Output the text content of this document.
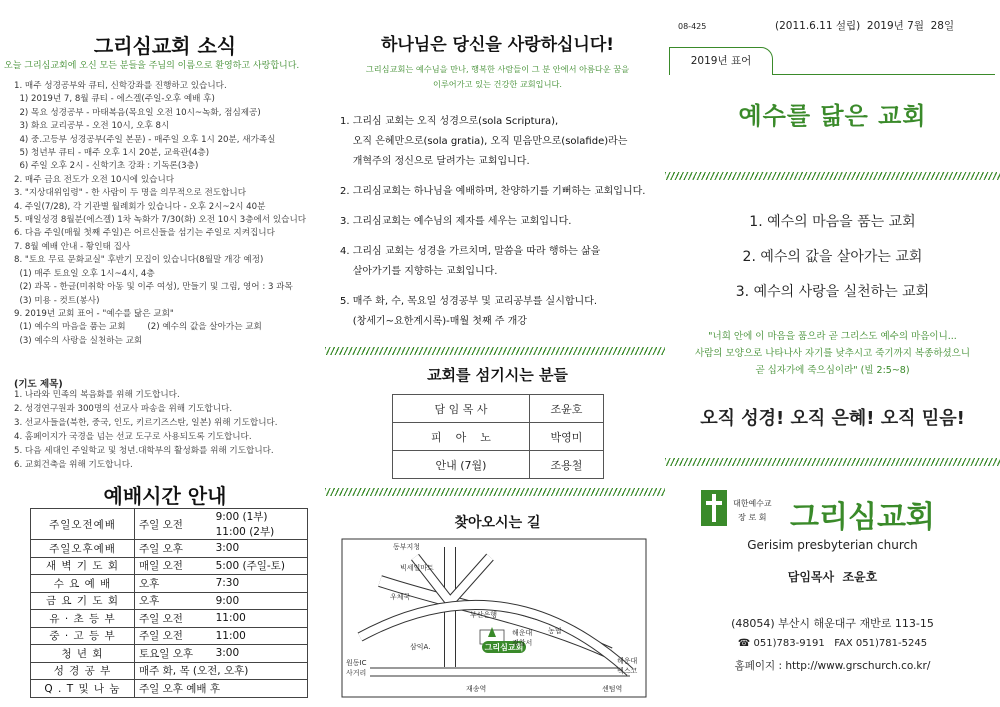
그리심교회 소식
오늘 그리심교회에 오신 모든 분들을 주님의 이름으로 환영하고 사랑합니다.
1. 매주 성경공부와 큐티, 신학강좌를 진행하고 있습니다.
1) 2019년 7, 8월 큐티 - 에스겔(주일-오후 예배 후)
2) 목요 성경공부 - 마태복음(목요일 오전 10시~녹화, 점심제공)
3) 화요 교리공부 - 오전 10시, 오후 8시
4) 중.고등부 성경공부(주일 본문) - 매주일 오후 1시 20분, 새가족실
5) 청년부 큐티 - 매주 오후 1시 20분, 교육관(4층)
6) 주일 오후 2시 - 신학기초 강좌 : 기독론(3층)
2. 매주 금요 전도가 오전 10시에 있습니다
3. "지상대위임령" - 한 사람이 두 명을 의무적으로 전도합니다
4. 주일(7/28), 각 기관별 월례회가 있습니다 - 오후 2시~2시 40분
5. 매일성경 8월분(에스겔) 1차 녹화가 7/30(화) 오전 10시 3층에서 있습니다
6. 다음 주일(매월 첫째 주일)은 어르신들을 섬기는 주일로 지켜집니다
7. 8월 예배 안내 - 황인태 집사
8. "토요 무료 문화교실" 후반기 모집이 있습니다(8월말 개강 예정)
(1) 매주 토요일 오후 1시~4시, 4층
(2) 과목 - 한글(미취학 아동 및 이주 여성), 만들기 및 그림, 영어 : 3 과목
(3) 미용 - 컷트(봉사)
9. 2019년 교회 표어 - "예수를 닮은 교회"
(1) 예수의 마음을 품는 교회        (2) 예수의 값을 살아가는 교회
(3) 예수의 사랑을 실천하는 교회
(기도 제목)
1. 나라와 민족의 복음화를 위해 기도합니다.
2. 성경연구원과 300명의 선교사 파송을 위해 기도합니다.
3. 선교사들을(북한, 중국, 인도, 키르기즈스탄, 일본) 위해 기도합니다.
4. 홈페이지가 국경을 넘는 선교 도구로 사용되도록 기도합니다.
5. 다음 세대인 주일학교 및 청년.대학부의 활성화를 위해 기도합니다.
6. 교회건축을 위해 기도합니다.
예배시간 안내
주일오전예배	주일 오전	9:00 (1부)
11:00 (2부)

주일오후예배	주일 오후	3:00
새 벽 기 도 회	매일 오전	5:00 (주일-토)
수 요 예 배	오후	7:30
금 요 기 도 회	오후	9:00
유 · 초 등 부	주일 오전	11:00
중 · 고 등 부	주일 오전	11:00
청 년 회	토요일 오후	3:00
성 경 공 부	매주 화, 목 (오전, 오후)	
Q . T 및 나 눔	주일 오후 예배 후	
하나님은 당신을 사랑하십니다!
그리심교회는 예수님을 만나, 행복한 사람들이 그 분 안에서 아름다운 꿈을
이루어가고 있는 건강한 교회입니다.
1. 그리심 교회는 오직 성경으로(sola Scriptura),
오직 은혜만으로(sola gratia), 오직 믿음만으로(solafide)라는
개혁주의 정신으로 달려가는 교회입니다.
2. 그리심교회는 하나님을 예배하며, 찬양하기를 기뻐하는 교회입니다.
3. 그리심교회는 예수님의 제자를 세우는 교회입니다.
4. 그리심 교회는 성경을 가르치며, 말씀을 따라 행하는 삶을
살아가기를 지향하는 교회입니다.
5. 매주 화, 수, 목요일 성경공부 및 교리공부를 실시합니다.
(창세기~요한계시록)-매월 첫째 주 개강
교회를 섬기시는 분들
담 임 목 사	조윤호
피    아    노	박영미
안내 (7월)	조용철
찾아오시는 길
그리심교회
동부지청
빅세일마트
우체국
부산은행
농협
해운대
경찰서
삼익A.
원동IC
사거리
해운대
벡스코
재송역	센텀역
08-425	(2011.6.11 설립)  2019년 7월  28일
2019년 표어
예수를 닮은 교회
1. 예수의 마음을 품는 교회
2. 예수의 값을 살아가는 교회
3. 예수의 사랑을 실천하는 교회
"너희 안에 이 마음을 품으라 곧 그리스도 예수의 마음이니...
사람의 모양으로 나타나사 자기를 낮추시고 죽기까지 복종하셨으니
곧 십자가에 죽으심이라" (빌 2:5~8)
오직 성경! 오직 은혜! 오직 믿음!
대한예수교
장 로 회 그리심교회
Gerisim presbyterian church
담임목사  조윤호
(48054) 부산시 해운대구 재반로 113-15
☎ 051)783-9191   FAX 051)781-5245
홈페이지 : http://www.grschurch.co.kr/
